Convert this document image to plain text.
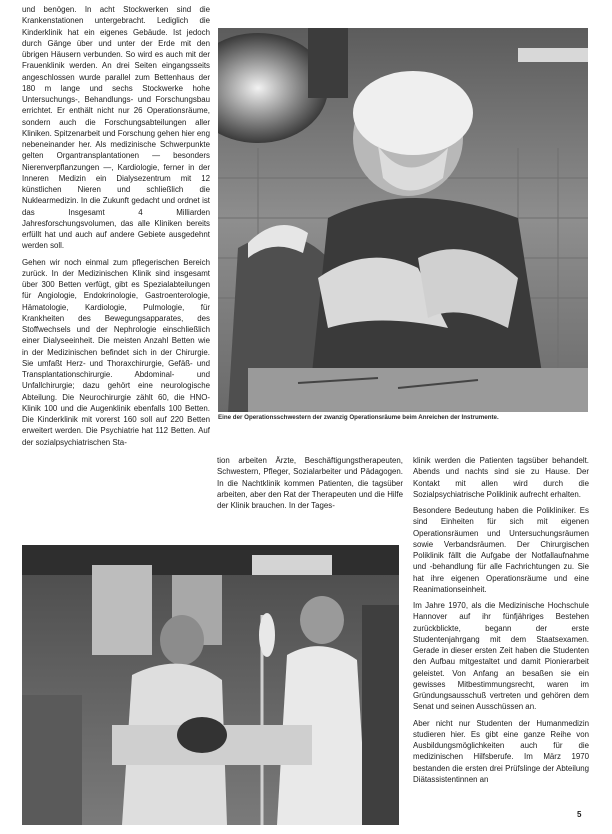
und benögen. In acht Stockwerken sind die Krankenstationen untergebracht. Lediglich die Kinderklinik hat ein eigenes Gebäude. Ist jedoch durch Gänge über und unter der Erde mit den übrigen Häusern verbunden. So wird es auch mit der Frauenklinik werden. An drei Seiten eingangsseits angeschlossen wurde parallel zum Bettenhaus der 180 m lange und sechs Stockwerke hohe Untersuchungs-, Behandlungs- und Forschungsbau errichtet. Er enthält nicht nur 26 Operationsräume, sondern auch die Forschungsabteilungen aller Kliniken. Spitzenarbeit und Forschung gehen hier eng nebeneinander her. Als medizinische Schwerpunkte gelten Organtransplantationen — besonders Nierenverpflanzungen —, Kardiologie, ferner in der Inneren Medizin ein Dialysezentrum mit 12 künstlichen Nieren und schließlich die Nuklearmedizin. In die Zukunft gedacht und ordnet ist das Insgesamt 4 Milliarden Jahresforschungsvolumen, das alle Kliniken bereits erfüllt hat und auch auf andere Gebiete ausgedehnt werden soll.

Gehen wir noch einmal zum pflegerischen Bereich zurück. In der Medizinischen Klinik sind insgesamt über 300 Betten verfügt, gibt es Spezialabteilungen für Angiologie, Endokrinologie, Gastroenterologie, Hämatologie, Kardiologie, Pulmologie, für Krankheiten des Bewegungsapparates, des Stoffwechsels und der Nephrologie einschließlich einer Dialyseeinheit. Die meisten Anzahl Betten wie in der Medizinischen befindet sich in der Chirurgie. Sie umfaßt Herz- und Thoraxchirurgie, Gefäß- und Transplantationschirurgie. Abdominal- und Unfallchirurgie; dazu gehört eine neurologische Abteilung. Die Neurochirurgie zählt 60, die HNO-Klinik 100 und die Augenklinik ebenfalls 100 Betten. Die Kinderklinik mit vorerst 160 soll auf 220 Betten erweitert werden. Die Psychiatrie hat 112 Betten. Auf der sozialpsychiatrischen Sta-

Eine der Operationsschwestern der zwanzig Operationsräume beim Anreichen der Instrumente.

tion arbeiten Ärzte, Beschäftigungstherapeuten, Schwestern, Pfleger, Sozialarbeiter und Pädagogen. In die Nachtklinik kommen Patienten, die tagsüber arbeiten, aber den Rat der Therapeuten und die Hilfe der Klinik brauchen. In der Tages-

klinik werden die Patienten tagsüber behandelt. Abends und nachts sind sie zu Hause. Der Kontakt mit allen wird durch die Sozialpsychiatrische Poliklinik aufrecht erhalten.

Besondere Bedeutung haben die Polikliniker. Es sind Einheiten für sich mit eigenen Operationsräumen und Untersuchungsräumen sowie Verbandsräumen. Der Chirurgischen Poliklinik fällt die Aufgabe der Notfallaufnahme und -behandlung für alle Fachrichtungen zu. Sie hat ihre eigenen Operationsräume und eine Reanimationseinheit.

Im Jahre 1970, als die Medizinische Hochschule Hannover auf ihr fünfjähriges Bestehen zurückblickte, begann der erste Studentenjahrgang mit dem Staatsexamen. Gerade in dieser ersten Zeit haben die Studenten den Aufbau mitgestaltet und damit Pionierarbeit geleistet. Von Anfang an besaßen sie ein gewisses Mitbestimmungsrecht, waren im Gründungsausschuß vertreten und gehören dem Senat und seinen Ausschüssen an.

Aber nicht nur Studenten der Humanmedizin studieren hier. Es gibt eine ganze Reihe von Ausbildungsmöglichkeiten auch für die medizinischen Hilfsberufe. Im März 1970 bestanden die ersten drei Prüfslinge der Abteilung Diätassistentinnen an

5
